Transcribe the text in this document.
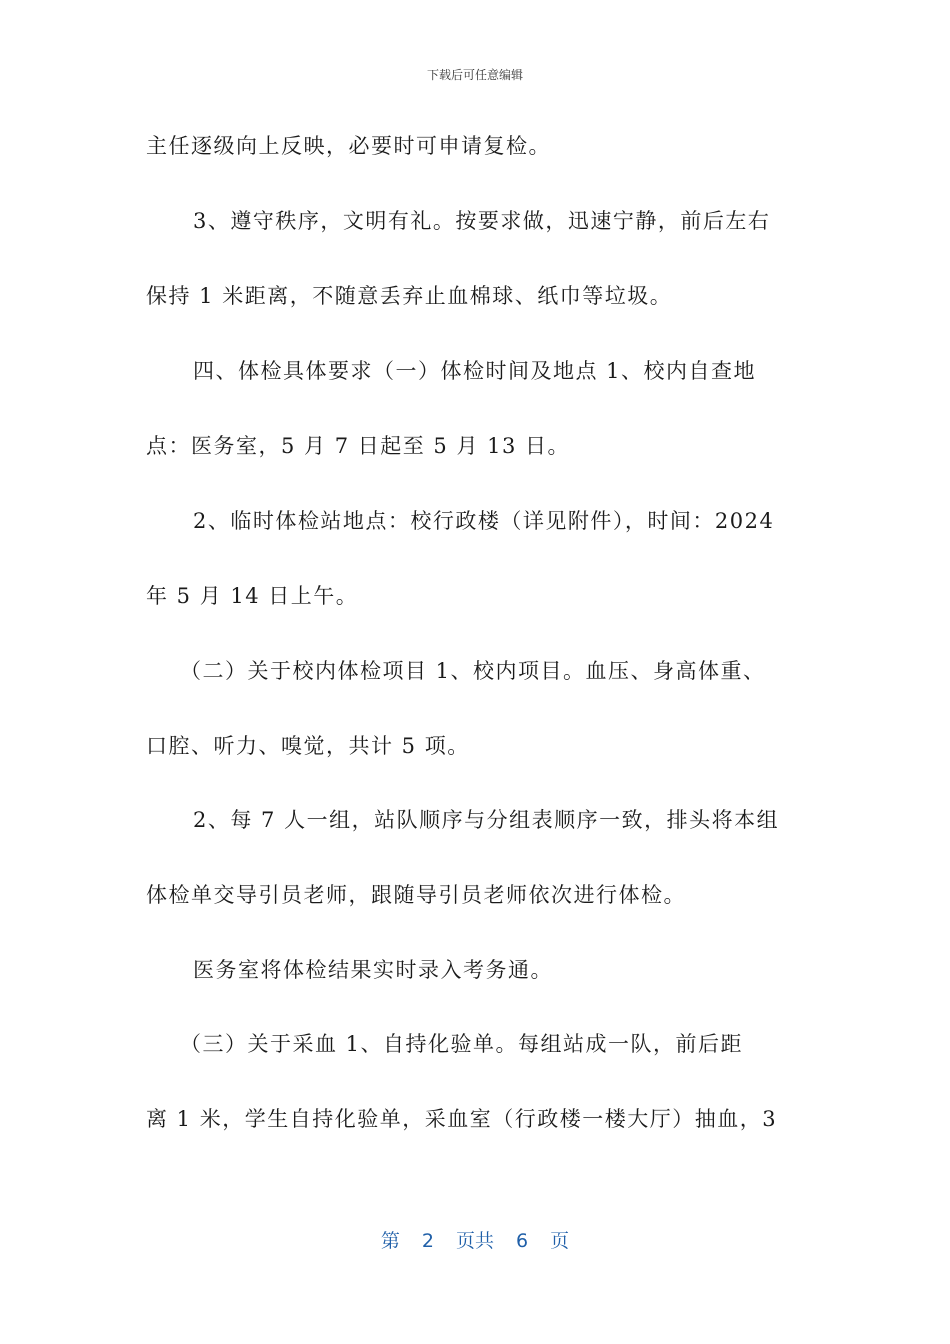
下载后可任意编辑
主任逐级向上反映，必要时可申请复检。
3、遵守秩序，文明有礼。按要求做，迅速宁静，前后左右
保持 1 米距离，不随意丢弃止血棉球、纸巾等垃圾。
四、体检具体要求（一）体检时间及地点 1、校内自查地
点：医务室，5 月 7 日起至 5 月 13 日。
2、临时体检站地点：校行政楼（详见附件），时间：2024
年 5 月 14 日上午。
（二）关于校内体检项目 1、校内项目。血压、身高体重、
口腔、听力、嗅觉，共计 5 项。
2、每 7 人一组，站队顺序与分组表顺序一致，排头将本组
体检单交导引员老师，跟随导引员老师依次进行体检。
医务室将体检结果实时录入考务通。
（三）关于采血 1、自持化验单。每组站成一队，前后距
离 1 米，学生自持化验单，采血室（行政楼一楼大厅）抽血，3
第 2 页共 6 页
